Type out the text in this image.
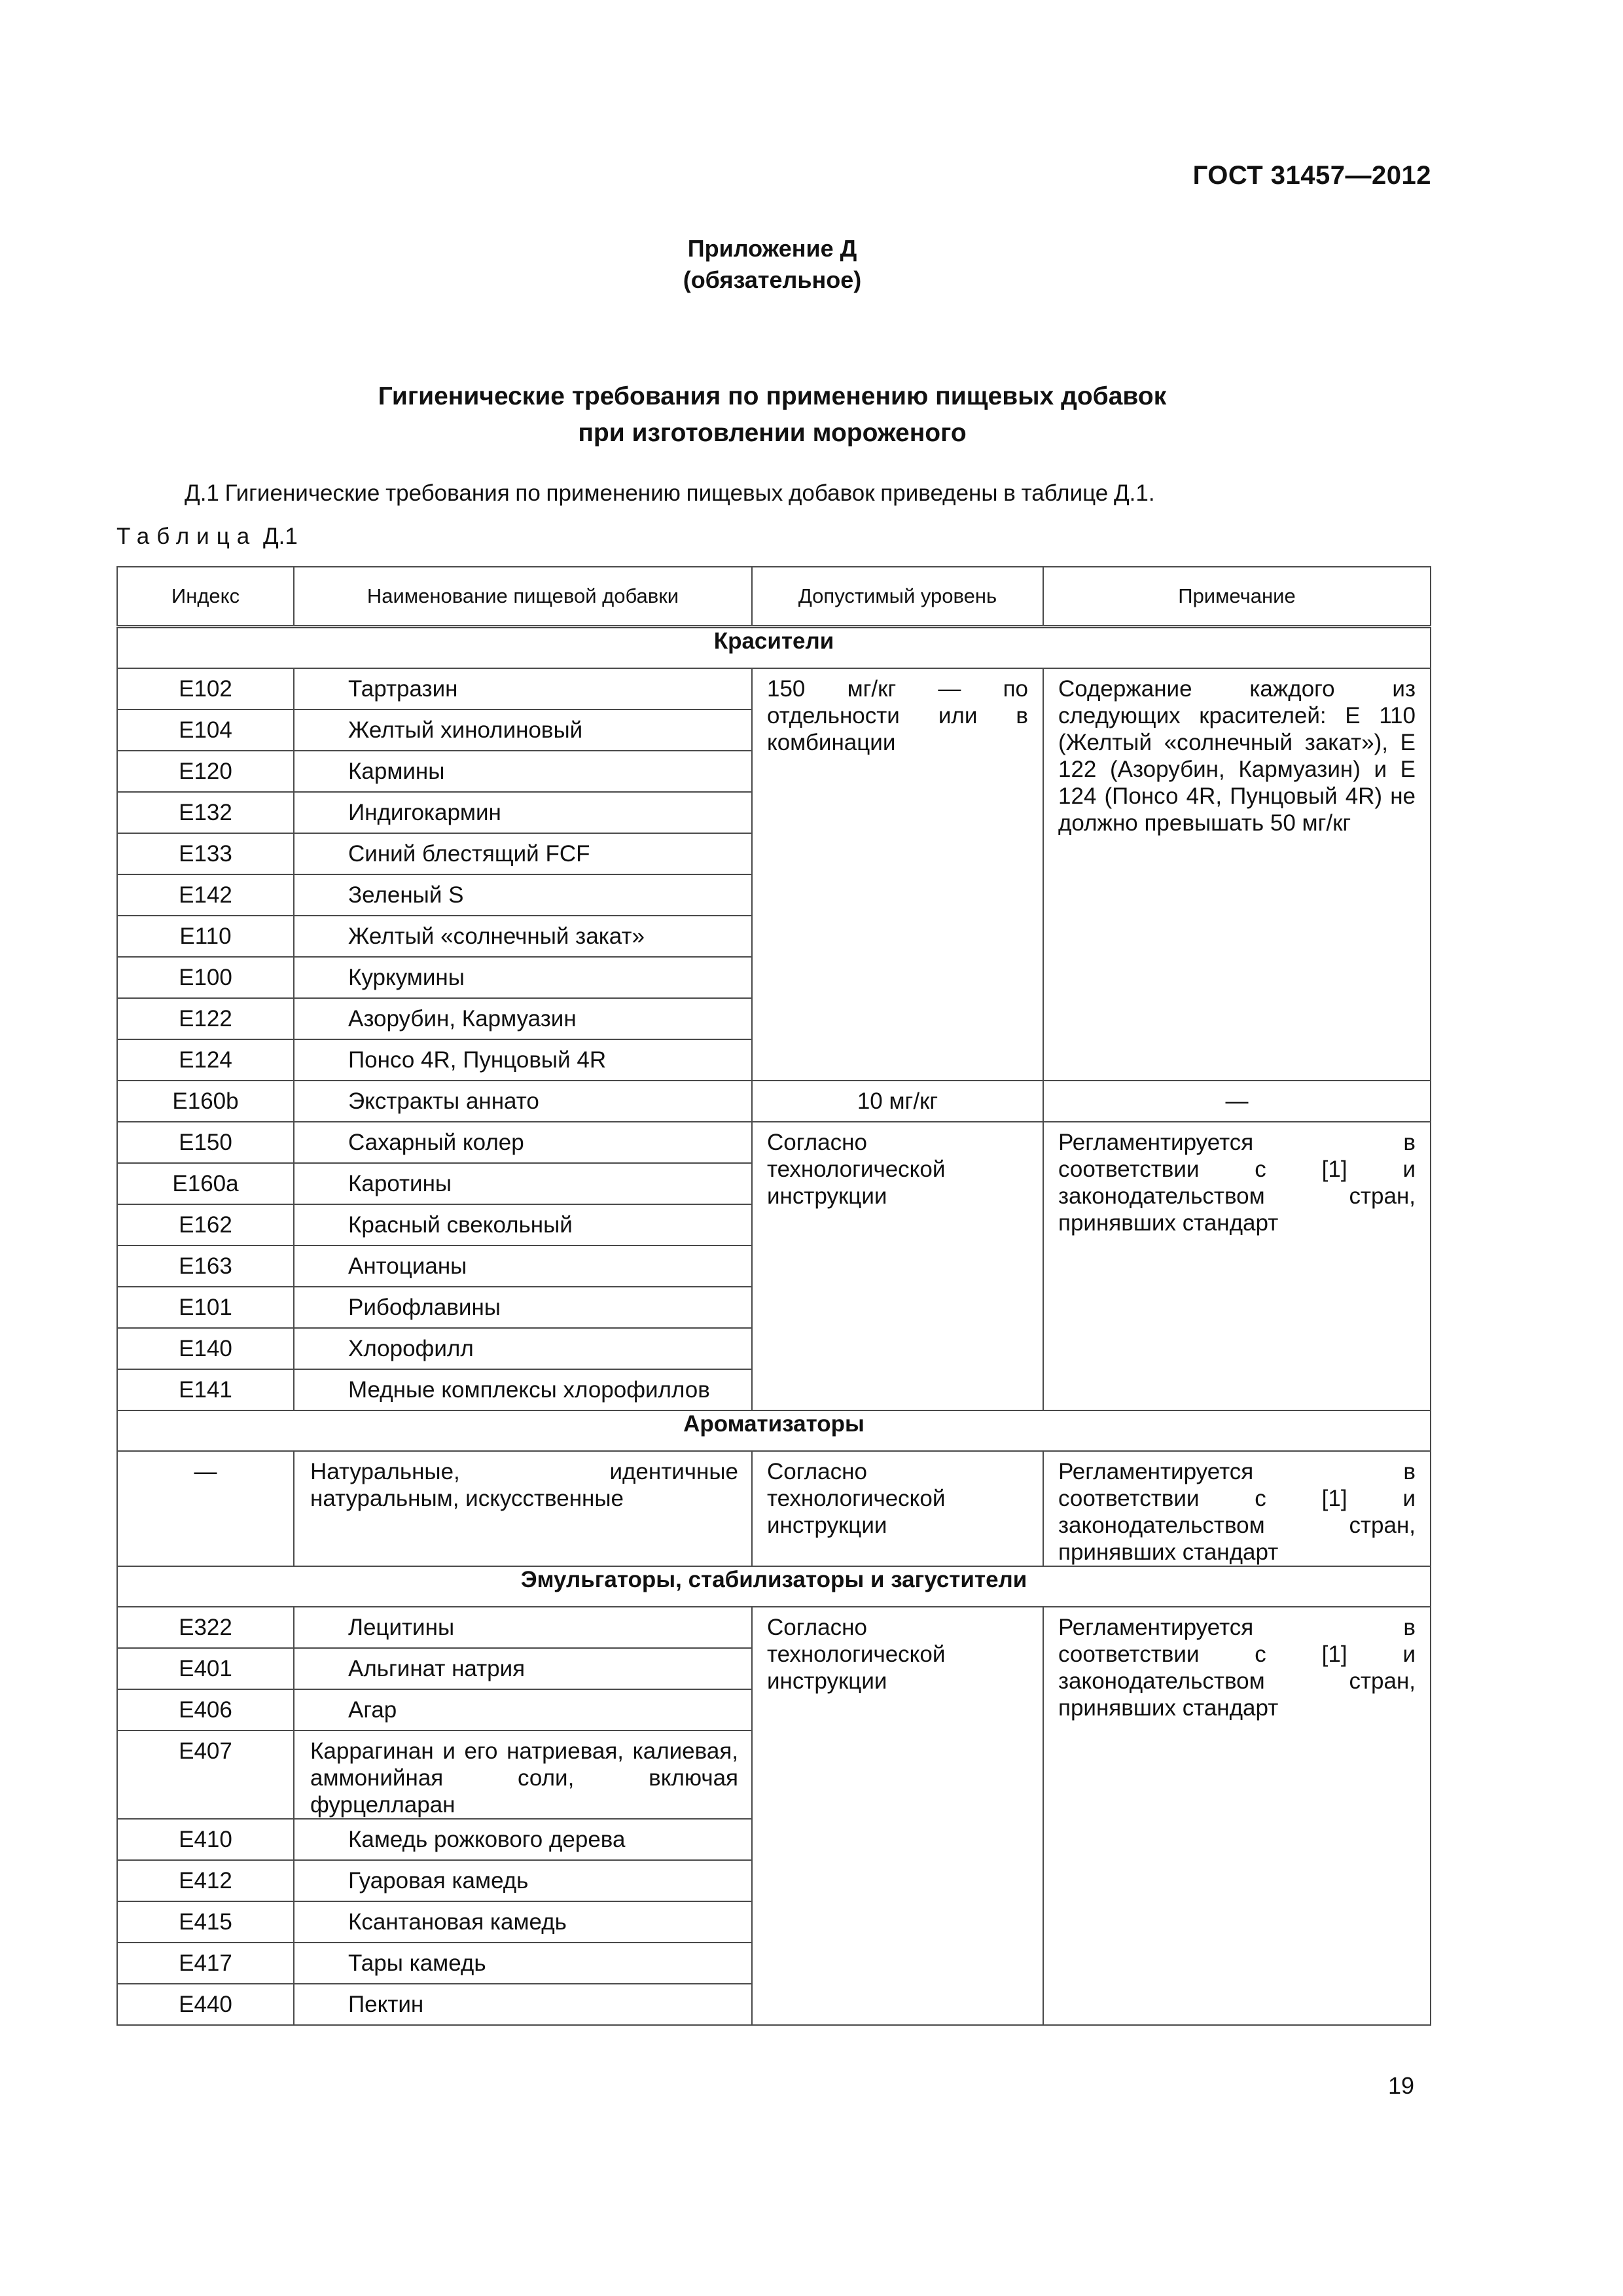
ГОСТ 31457—2012
Приложение Д
(обязательное)
Гигиенические требования по применению пищевых добавок
при изготовлении мороженого
Д.1 Гигиенические требования по применению пищевых добавок приведены в таблице Д.1.
Таблица Д.1
Индекс	Наименование пищевой добавки	Допустимый уровень	Примечание
Красители			
Е102	Тартразин	150 мг/кг — по отдельности или в комбинации	Содержание каждого из следующих красителей: Е 110 (Желтый «солнечный закат»), Е 122 (Азорубин, Кармуазин) и Е 124 (Понсо 4R, Пунцовый 4R) не должно превышать 50 мг/кг
Е104	Желтый хинолиновый		
Е120	Кармины		
Е132	Индигокармин		
Е133	Синий блестящий FCF		
Е142	Зеленый S		
Е110	Желтый «солнечный закат»		
Е100	Куркумины		
Е122	Азорубин, Кармуазин		
Е124	Понсо 4R, Пунцовый 4R		
Е160b	Экстракты аннато	10 мг/кг	—
Е150	Сахарный колер	Согласно технологической инструкции	Регламентируется в соответствии с [1] и законодательством стран, принявших стандарт
Е160а	Каротины		
Е162	Красный свекольный		
Е163	Антоцианы		
Е101	Рибофлавины		
Е140	Хлорофилл		
Е141	Медные комплексы хлорофиллов		
Ароматизаторы			
—	Натуральные, идентичные натуральным, искусственные	Согласно технологической инструкции	Регламентируется в соответствии с [1] и законодательством стран, принявших стандарт
Эмульгаторы, стабилизаторы и загустители			
Е322	Лецитины	Согласно технологической инструкции	Регламентируется в соответствии с [1] и законодательством стран, принявших стандарт
Е401	Альгинат натрия		
Е406	Агар		
Е407	Каррагинан и его натриевая, калиевая, аммонийная соли, включая фурцелларан		
Е410	Камедь рожкового дерева		
Е412	Гуаровая камедь		
Е415	Ксантановая камедь		
Е417	Тары камедь		
Е440	Пектин		
19
